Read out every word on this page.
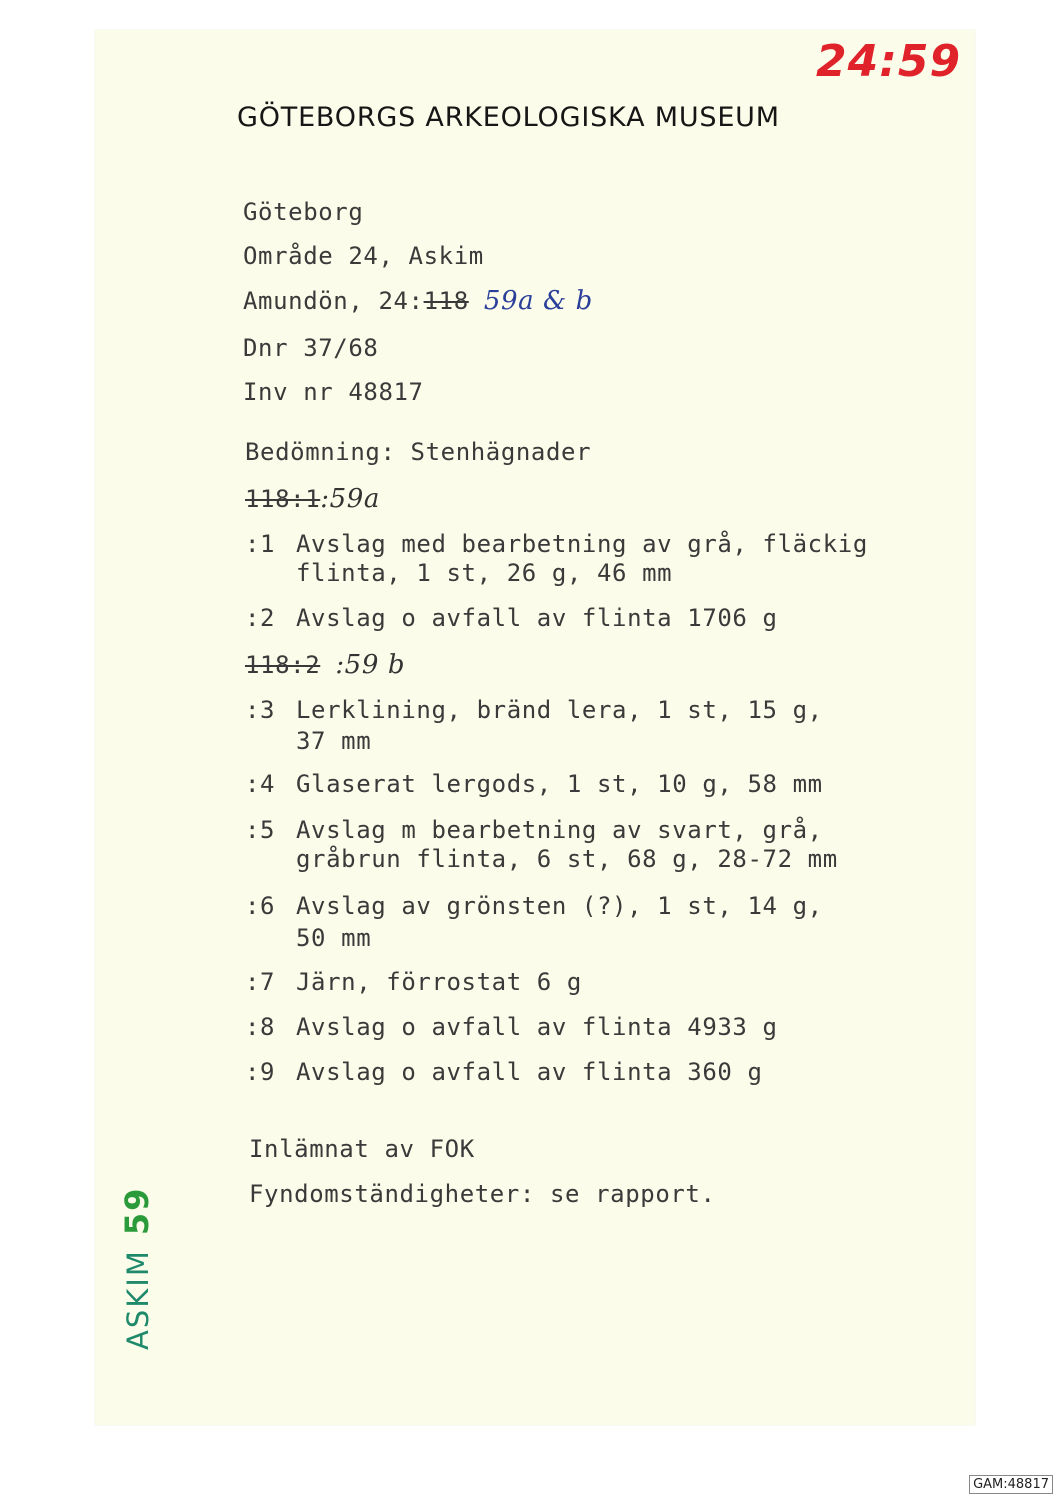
24:59
GÖTEBORGS ARKEOLOGISKA MUSEUM
Göteborg
Område 24, Askim
Amundön, 24:118 59a & b
Dnr 37/68
Inv nr 48817
Bedömning: Stenhägnader
118:1:59a
:1 Avslag med bearbetning av grå, fläckig
flinta, 1 st, 26 g, 46 mm
:2 Avslag o avfall av flinta 1706 g
118:2 :59 b
:3 Lerklining, bränd lera, 1 st, 15 g,
37 mm
:4 Glaserat lergods, 1 st, 10 g, 58 mm
:5 Avslag m bearbetning av svart, grå,
gråbrun flinta, 6 st, 68 g, 28-72 mm
:6 Avslag av grönsten (?), 1 st, 14 g,
50 mm
:7 Järn, förrostat 6 g
:8 Avslag o avfall av flinta 4933 g
:9 Avslag o avfall av flinta 360 g
Inlämnat av FOK
Fyndomständigheter: se rapport.
ASKIM59
GAM:48817
